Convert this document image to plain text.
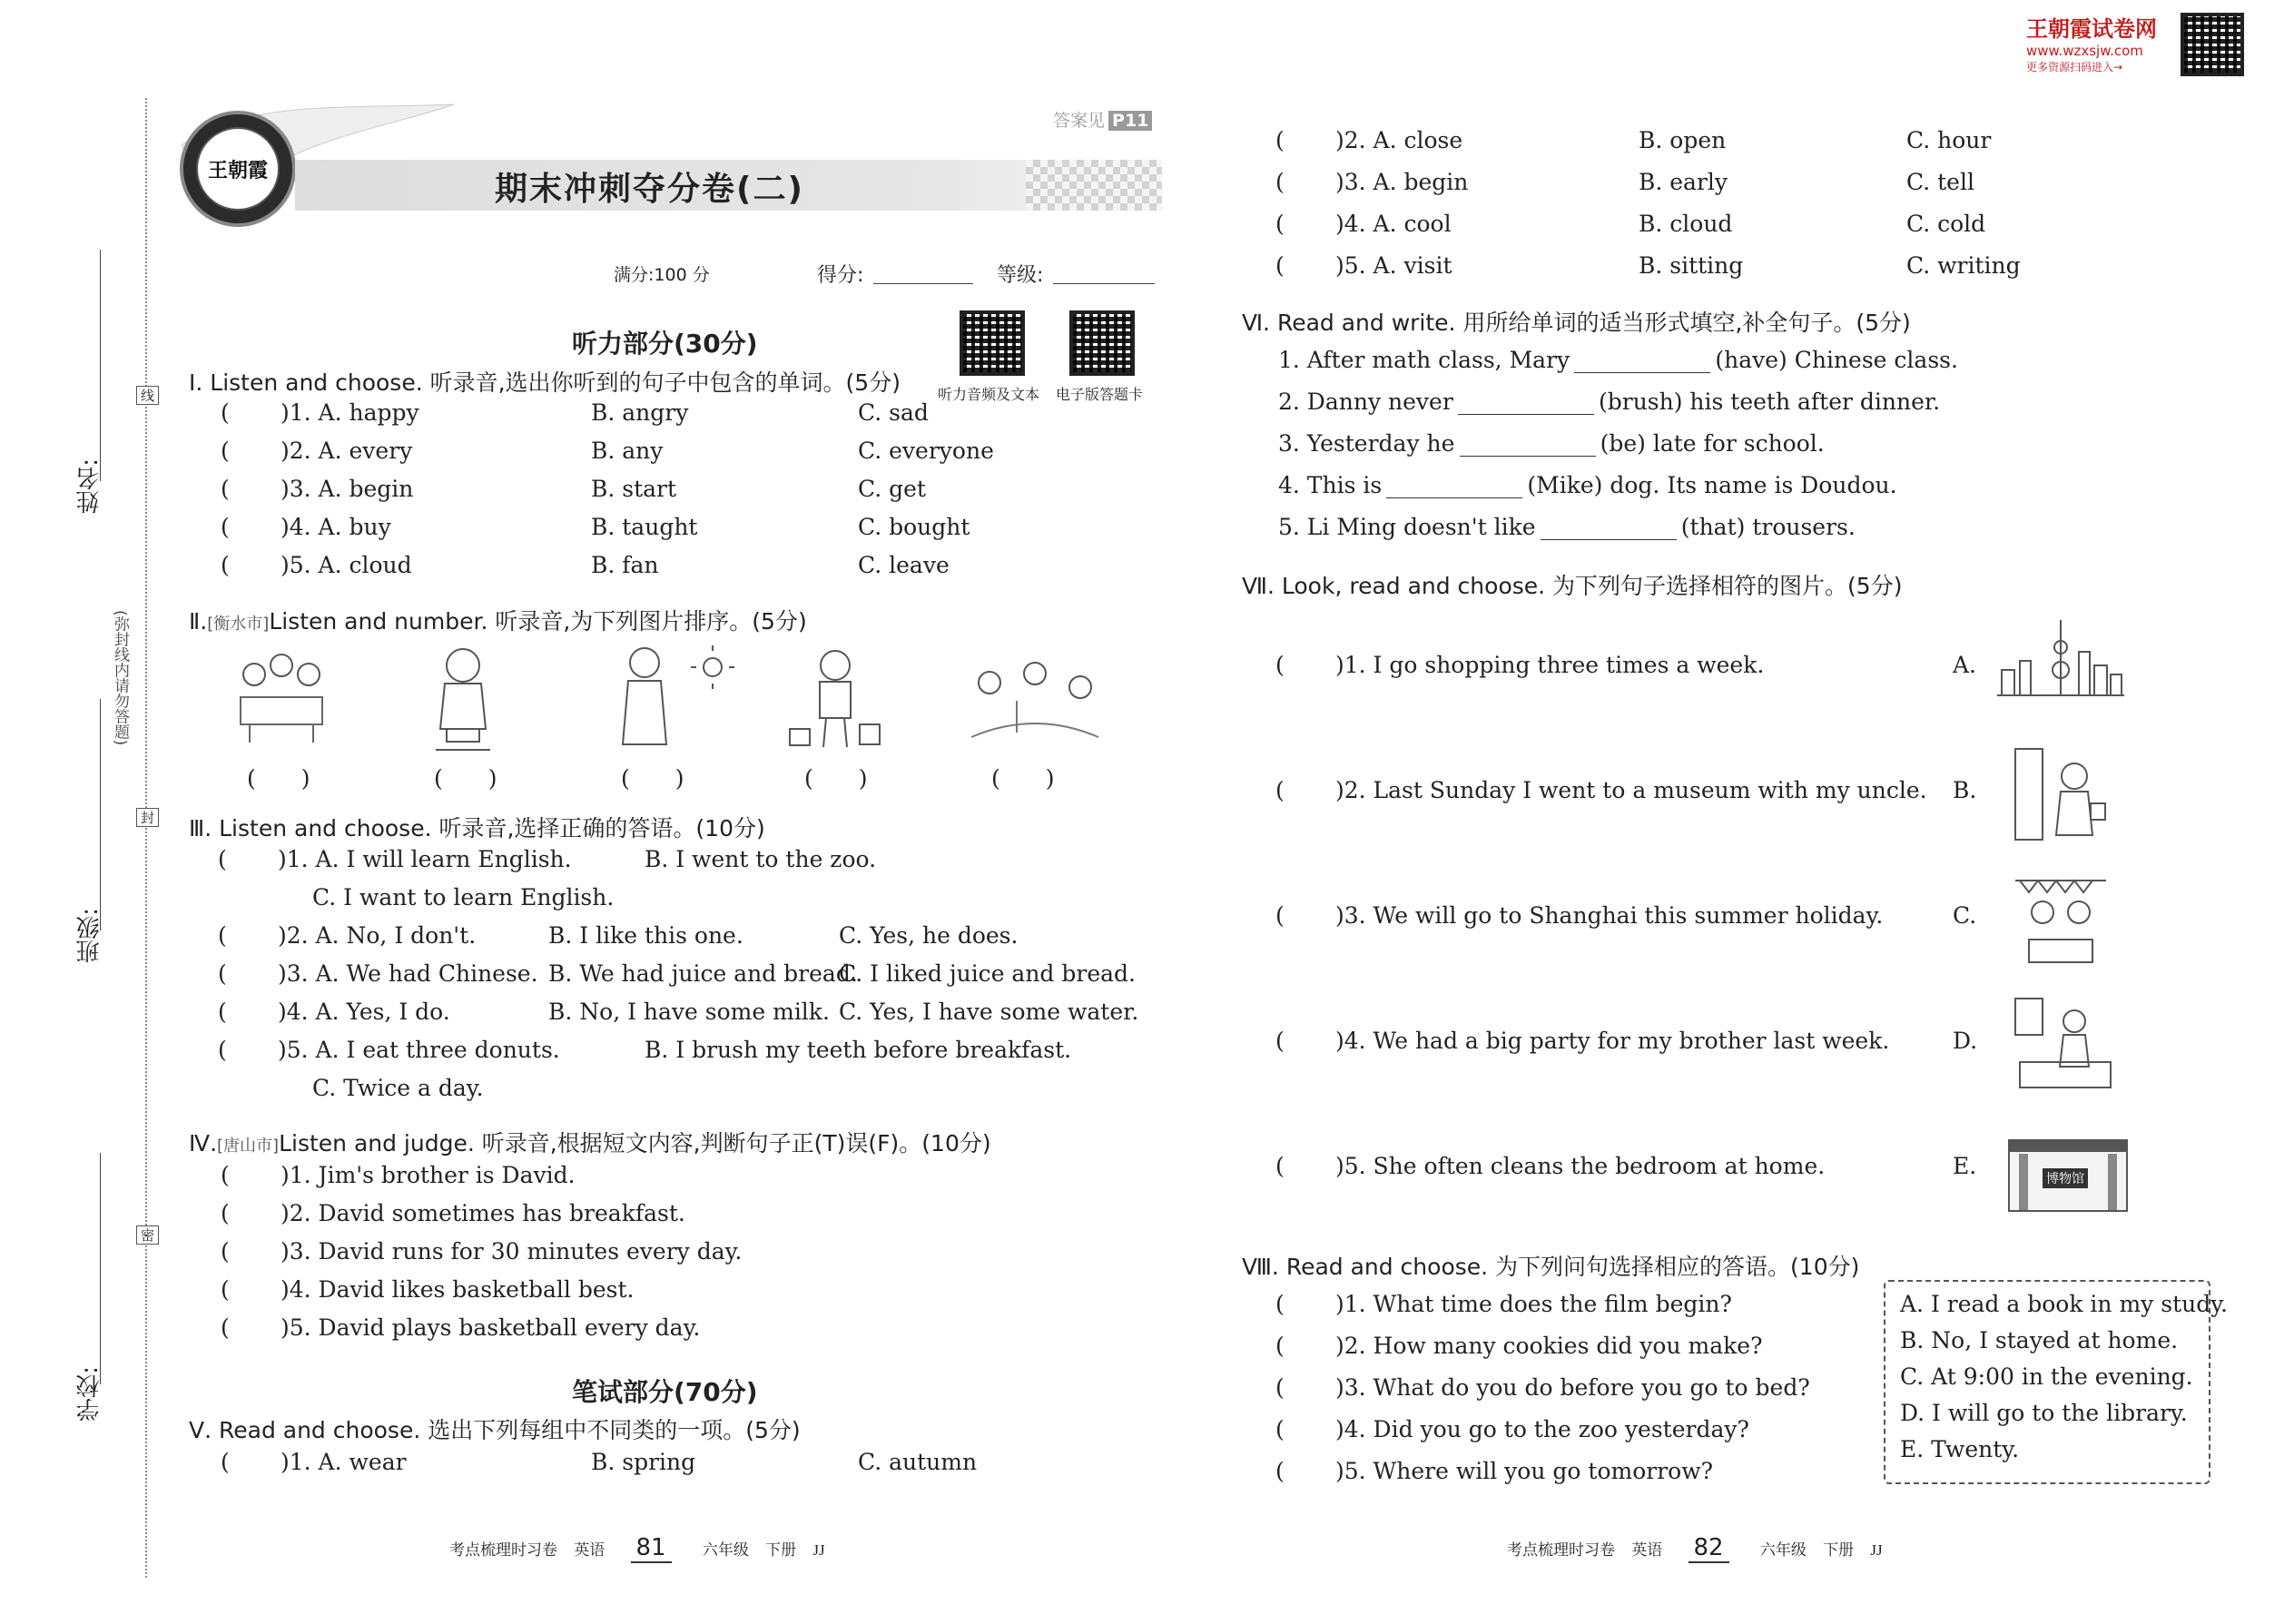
王朝霞试卷网
www.wzxsjw.com
更多资源扫码进入→
姓名:
班级:
学校:
(弥封线内请勿答题)
线
封
密
王朝霞
期末冲刺夺分卷(二)
答案见 P11
满分:100 分	得分:	等级:
听力音频及文本 电子版答题卡
听力部分(30分)
Ⅰ. Listen and choose. 听录音,选出你听到的句子中包含的单词。(5分)
( )1. A. happy	B. angry	C. sad
( )2. A. every	B. any	C. everyone
( )3. A. begin	B. start	C. get
( )4. A. buy	B. taught	C. bought
( )5. A. cloud	B. fan	C. leave
Ⅱ.[衡水市]Listen and number. 听录音,为下列图片排序。(5分)
(　　)	(　　)	(　　)	(　　)	(　　)
Ⅲ. Listen and choose. 听录音,选择正确的答语。(10分)
( )1. A. I will learn English.	B. I went to the zoo.
C. I want to learn English.
( )2. A. No, I don't.	B. I like this one.	C. Yes, he does.
( )3. A. We had Chinese. B. We had juice and bread.
C. I liked juice and bread.
( )4. A. Yes, I do.	B. No, I have some milk. C. Yes, I have some water.
( )5. A. I eat three donuts.	B. I brush my teeth before breakfast.
C. Twice a day.
Ⅳ.[唐山市]Listen and judge. 听录音,根据短文内容,判断句子正(T)误(F)。(10分)
( )1. Jim's brother is David.
( )2. David sometimes has breakfast.
( )3. David runs for 30 minutes every day.
( )4. David likes basketball best.
( )5. David plays basketball every day.
笔试部分(70分)
Ⅴ. Read and choose. 选出下列每组中不同类的一项。(5分)
( )1. A. wear	B. spring	C. autumn
( )2. A. close	B. open	C. hour
( )3. A. begin	B. early	C. tell
( )4. A. cool	B. cloud	C. cold
( )5. A. visit	B. sitting	C. writing
Ⅵ. Read and write. 用所给单词的适当形式填空,补全句子。(5分)
1. After math class, Mary	(have) Chinese class.
2. Danny never	(brush) his teeth after dinner.
3. Yesterday he	(be) late for school.
4. This is	(Mike) dog. Its name is Doudou.
5. Li Ming doesn't like	(that) trousers.
Ⅶ. Look, read and choose. 为下列句子选择相符的图片。(5分)
( )1. I go shopping three times a week.	A.
( )2. Last Sunday I went to a museum with my uncle. B.
( )3. We will go to Shanghai this summer holiday.	C.
( )4. We had a big party for my brother last week.	D.
( )5. She often cleans the bedroom at home.	E.	博物馆
Ⅷ. Read and choose. 为下列问句选择相应的答语。(10分)
( )1. What time does the film begin?
( )2. How many cookies did you make?
( )3. What do you do before you go to bed?
( )4. Did you go to the zoo yesterday?
( )5. Where will you go tomorrow?
A. I read a book in my study.
B. No, I stayed at home.
C. At 9:00 in the evening.
D. I will go to the library.
E. Twenty.
考点梳理时习卷 英语 81 六年级 下册 JJ	考点梳理时习卷 英语 82 六年级 下册 JJ
